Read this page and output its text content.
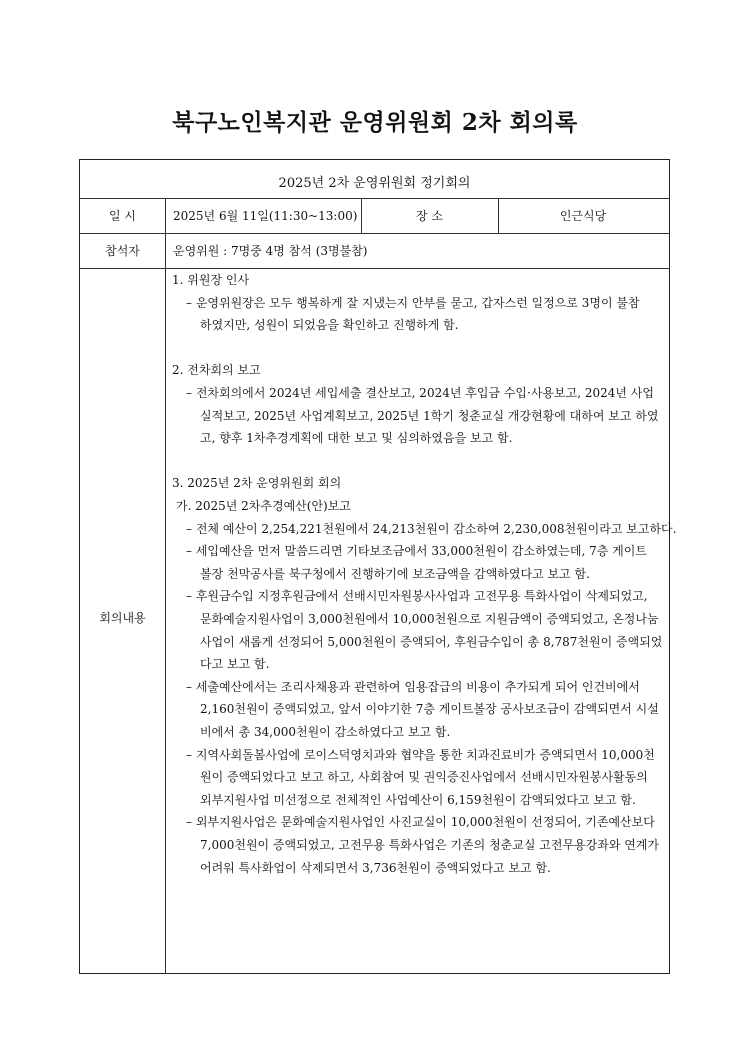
북구노인복지관 운영위원회 2차 회의록
2025년 2차 운영위원회 정기회의
일 시	2025년 6월 11일(11:30~13:00)	장 소	인근식당
참석자	운영위원 : 7명중 4명 참석 (3명불참)
회의내용
1. 위원장 인사
– 운영위원장은 모두 행복하게 잘 지냈는지 안부를 묻고, 갑자스런 일정으로 3명이 불참
하였지만, 성원이 되었음을 확인하고 진행하게 함.
2. 전차회의 보고
– 전차회의에서 2024년 세입세출 결산보고, 2024년 후입금 수입·사용보고, 2024년 사업
실적보고, 2025년 사업계획보고, 2025년 1학기 청춘교실 개강현황에 대하여 보고 하였
고, 향후 1차추경계획에 대한 보고 및 심의하였음을 보고 함.
3. 2025년 2차 운영위원회 회의
가. 2025년 2차추경예산(안)보고
– 전체 예산이 2,254,221천원에서 24,213천원이 감소하여 2,230,008천원이라고 보고하다.
– 세입예산을 먼저 말씀드리면 기타보조금에서 33,000천원이 감소하였는데, 7층 게이트
볼장 천막공사를 북구청에서 진행하기에 보조금액을 감액하였다고 보고 함.
– 후원금수입 지정후원금에서 선배시민자원봉사사업과 고전무용 특화사업이 삭제되었고,
문화예술지원사업이 3,000천원에서 10,000천원으로 지원금액이 증액되었고, 온정나눔
사업이 새롭게 선정되어 5,000천원이 증액되어, 후원금수입이 총 8,787천원이 증액되었
다고 보고 함.
– 세출예산에서는 조리사채용과 관련하여 임용잡급의 비용이 추가되게 되어 인건비에서
2,160천원이 증액되었고, 앞서 이야기한 7층 게이트볼장 공사보조금이 감액되면서 시설
비에서 총 34,000천원이 감소하였다고 보고 함.
– 지역사회돌봄사업에 로이스덕영치과와 협약을 통한 치과진료비가 증액되면서 10,000천
원이 증액되었다고 보고 하고, 사회참여 및 권익증진사업에서 선배시민자원봉사활동의
외부지원사업 미선정으로 전체적인 사업예산이 6,159천원이 감액되었다고 보고 함.
– 외부지원사업은 문화예술지원사업인 사진교실이 10,000천원이 선정되어, 기존예산보다
7,000천원이 증액되었고, 고전무용 특화사업은 기존의 청춘교실 고전무용강좌와 연계가
어려워 특사화업이 삭제되면서 3,736천원이 증액되었다고 보고 함.
